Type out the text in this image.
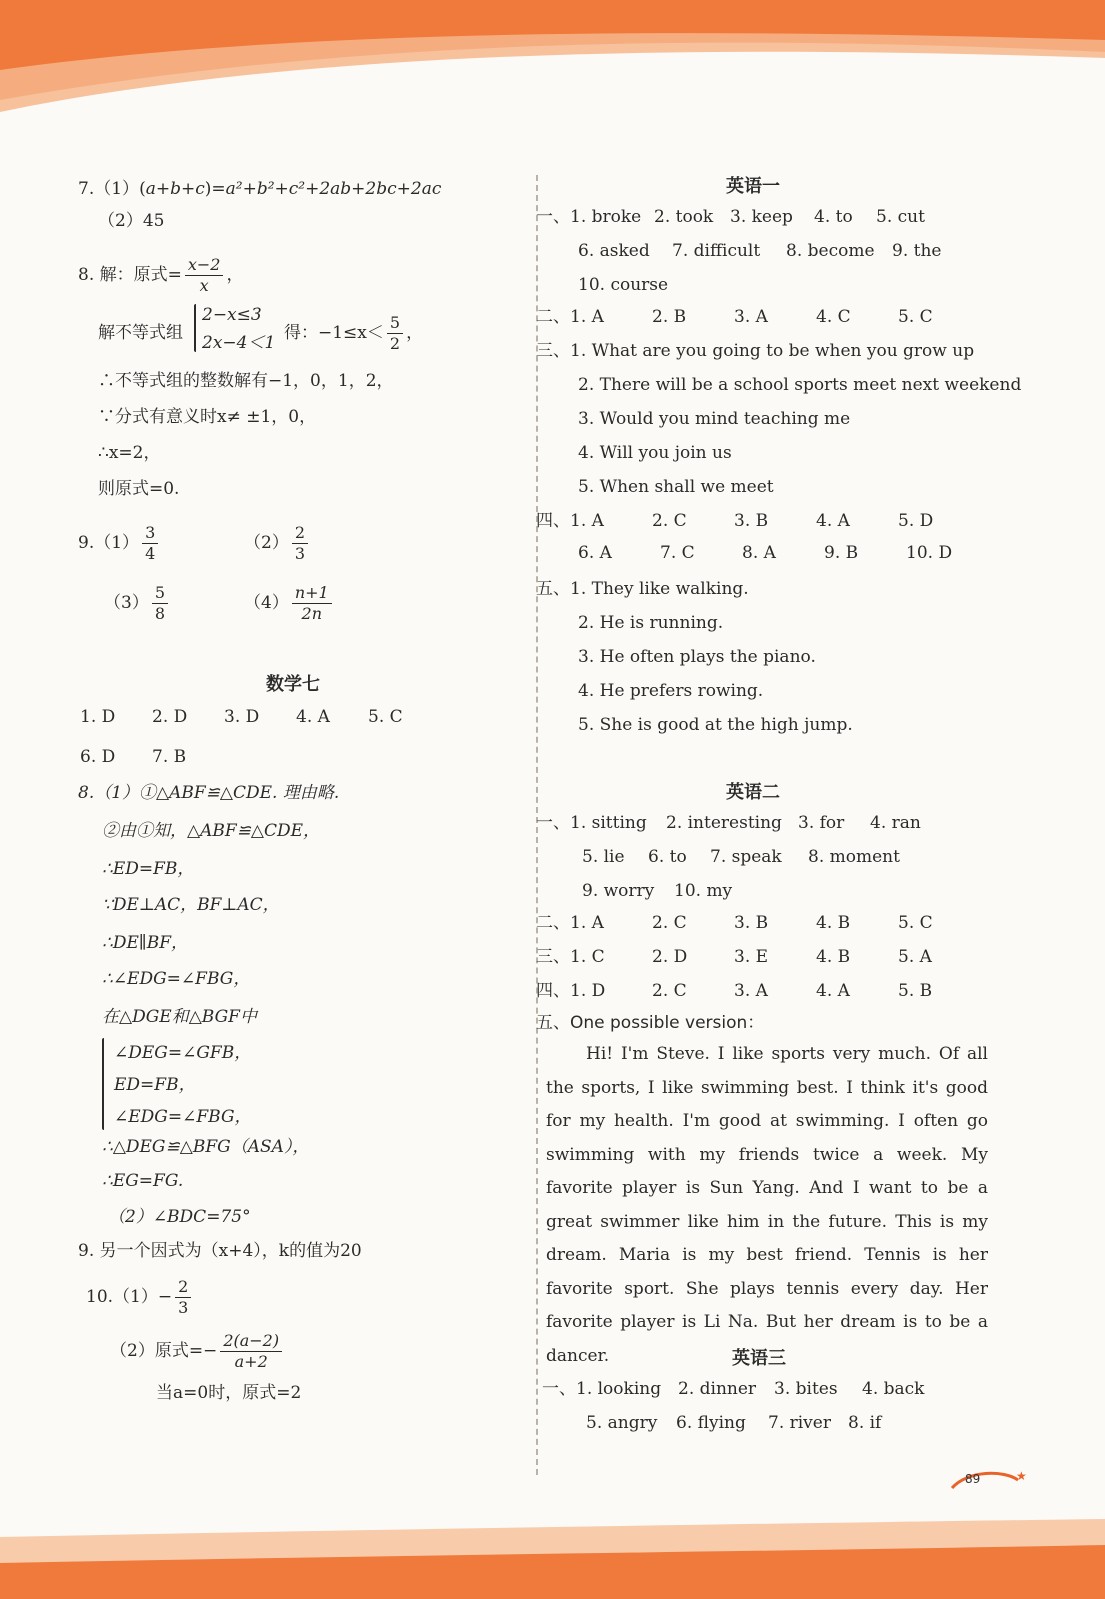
7.（1）(a+b+c)=a²+b²+c²+2ab+2bc+2ac
（2）45
8. 解：原式= $\frac{x-2}{x}$ ，
解不等式组
2−x≤3
2x−4＜1 得：$-1\le x< \frac{5}{2}$ ，
∴不等式组的整数解有−1，0，1，2，
∵分式有意义时x≠ ±1，0，
∴x=2，
则原式=0.
$9.(1) \frac{3}{4}$	$(2) \frac{2}{3}$
$(3) \frac{5}{8}$	$(4) \frac{n+1}{2n}$
数学七
1. D 2. D 3. D 4. A 5. C
6. D 7. B
8.（1）①△ABF≌△CDE. 理由略.
②由①知，△ABF≌△CDE，
∴ED=FB，
∵DE⊥AC，BF⊥AC，
∴DE∥BF，
∴∠EDG=∠FBG，
在△DGE和△BGF中
∠DEG=∠GFB，
ED=FB，
∠EDG=∠FBG，
∴△DEG≌△BFG（ASA），
∴EG=FG.
（2）∠BDC=75°
9. 另一个因式为（x+4），k的值为20
$10.(1)- \frac{2}{3}$
（2）原式=− $\frac{2(a-2)}{a+2}$
当a=0时，原式=2
英语一
一、1. broke 2. took 3. keep 4. to 5. cut
6. asked 7. difficult 8. become 9. the
10. course
二、1. A	2. B	3. A	4. C	5. C
三、1. What are you going to be when you grow up
2. There will be a school sports meet next weekend
3. Would you mind teaching me
4. Will you join us
5. When shall we meet
四、1. A	2. C	3. B	4. A	5. D
6. A	7. C	8. A	9. B	10. D
五、1. They like walking.
2. He is running.
3. He often plays the piano.
4. He prefers rowing.
5. She is good at the high jump.
英语二
一、1. sitting 2. interesting 3. for 4. ran
5. lie 6. to 7. speak 8. moment
9. worry 10. my
二、1. A	2. C	3. B	4. B	5. C
三、1. C	2. D	3. E	4. B	5. A
四、1. D	2. C	3. A	4. A	5. B
五、One possible version：
Hi! I'm Steve. I like sports very much. Of all the sports, I like swimming best. I think it's good for my health. I'm good at swimming. I often go swimming with my friends twice a week. My favorite player is Sun Yang. And I want to be a great swimmer like him in the future. This is my dream. Maria is my best friend. Tennis is her favorite sport. She plays tennis every day. Her favorite player is Li Na. But her dream is to be a dancer.	英语三
一、1. looking 2. dinner 3. bites 4. back
5. angry 6. flying 7. river 8. if
★
89
